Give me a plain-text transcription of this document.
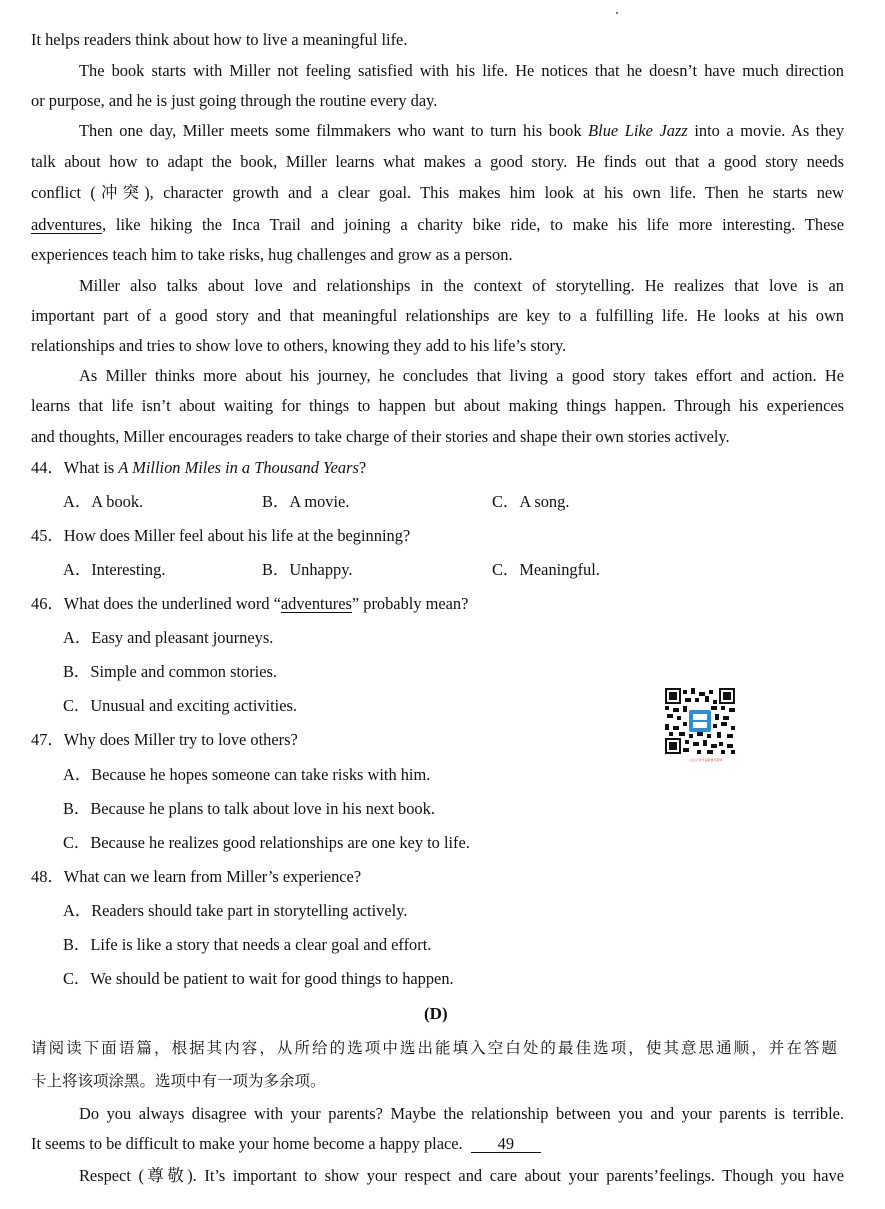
It helps readers think about how to live a meaningful life.
The book starts with Miller not feeling satisfied with his life. He notices that he doesn’t have much direction
or purpose, and he is just going through the routine every day.
Then one day, Miller meets some filmmakers who want to turn his book Blue Like Jazz into a movie. As they
talk about how to adapt the book, Miller learns what makes a good story. He finds out that a good story needs
conflict (冲突), character growth and a clear goal. This makes him look at his own life. Then he starts new
adventures, like hiking the Inca Trail and joining a charity bike ride, to make his life more interesting. These
experiences teach him to take risks, hug challenges and grow as a person.
Miller also talks about love and relationships in the context of storytelling. He realizes that love is an
important part of a good story and that meaningful relationships are key to a fulfilling life. He looks at his own
relationships and tries to show love to others, knowing they add to his life’s story.
As Miller thinks more about his journey, he concludes that living a good story takes effort and action. He
learns that life isn’t about waiting for things to happen but about making things happen. Through his experiences
and thoughts, Miller encourages readers to take charge of their stories and shape their own stories actively.
44．What is A Million Miles in a Thousand Years?
A．A book.	B．A movie.	C．A song.
45．How does Miller feel about his life at the beginning?
A．Interesting.	B．Unhappy.	C．Meaningful.
46．What does the underlined word “adventures” probably mean?
A．Easy and pleasant journeys.
B．Simple and common stories.
C．Unusual and exciting activities.
关注公众号获取更多资料
47．Why does Miller try to love others?
A．Because he hopes someone can take risks with him.
B．Because he plans to talk about love in his next book.
C．Because he realizes good relationships are one key to life.
48．What can we learn from Miller’s experience?
A．Readers should take part in storytelling actively.
B．Life is like a story that needs a clear goal and effort.
C．We should be patient to wait for good things to happen.
(D)
请阅读下面语篇，根据其内容，从所给的选项中选出能填入空白处的最佳选项，使其意思通顺，并在答题
卡上将该项涂黑。选项中有一项为多余项。
Do you always disagree with your parents? Maybe the relationship between you and your parents is terrible.
It seems to be difficult to make your home become a happy place. 49
Respect (尊敬). It’s important to show your respect and care about your parents’feelings. Though you have
